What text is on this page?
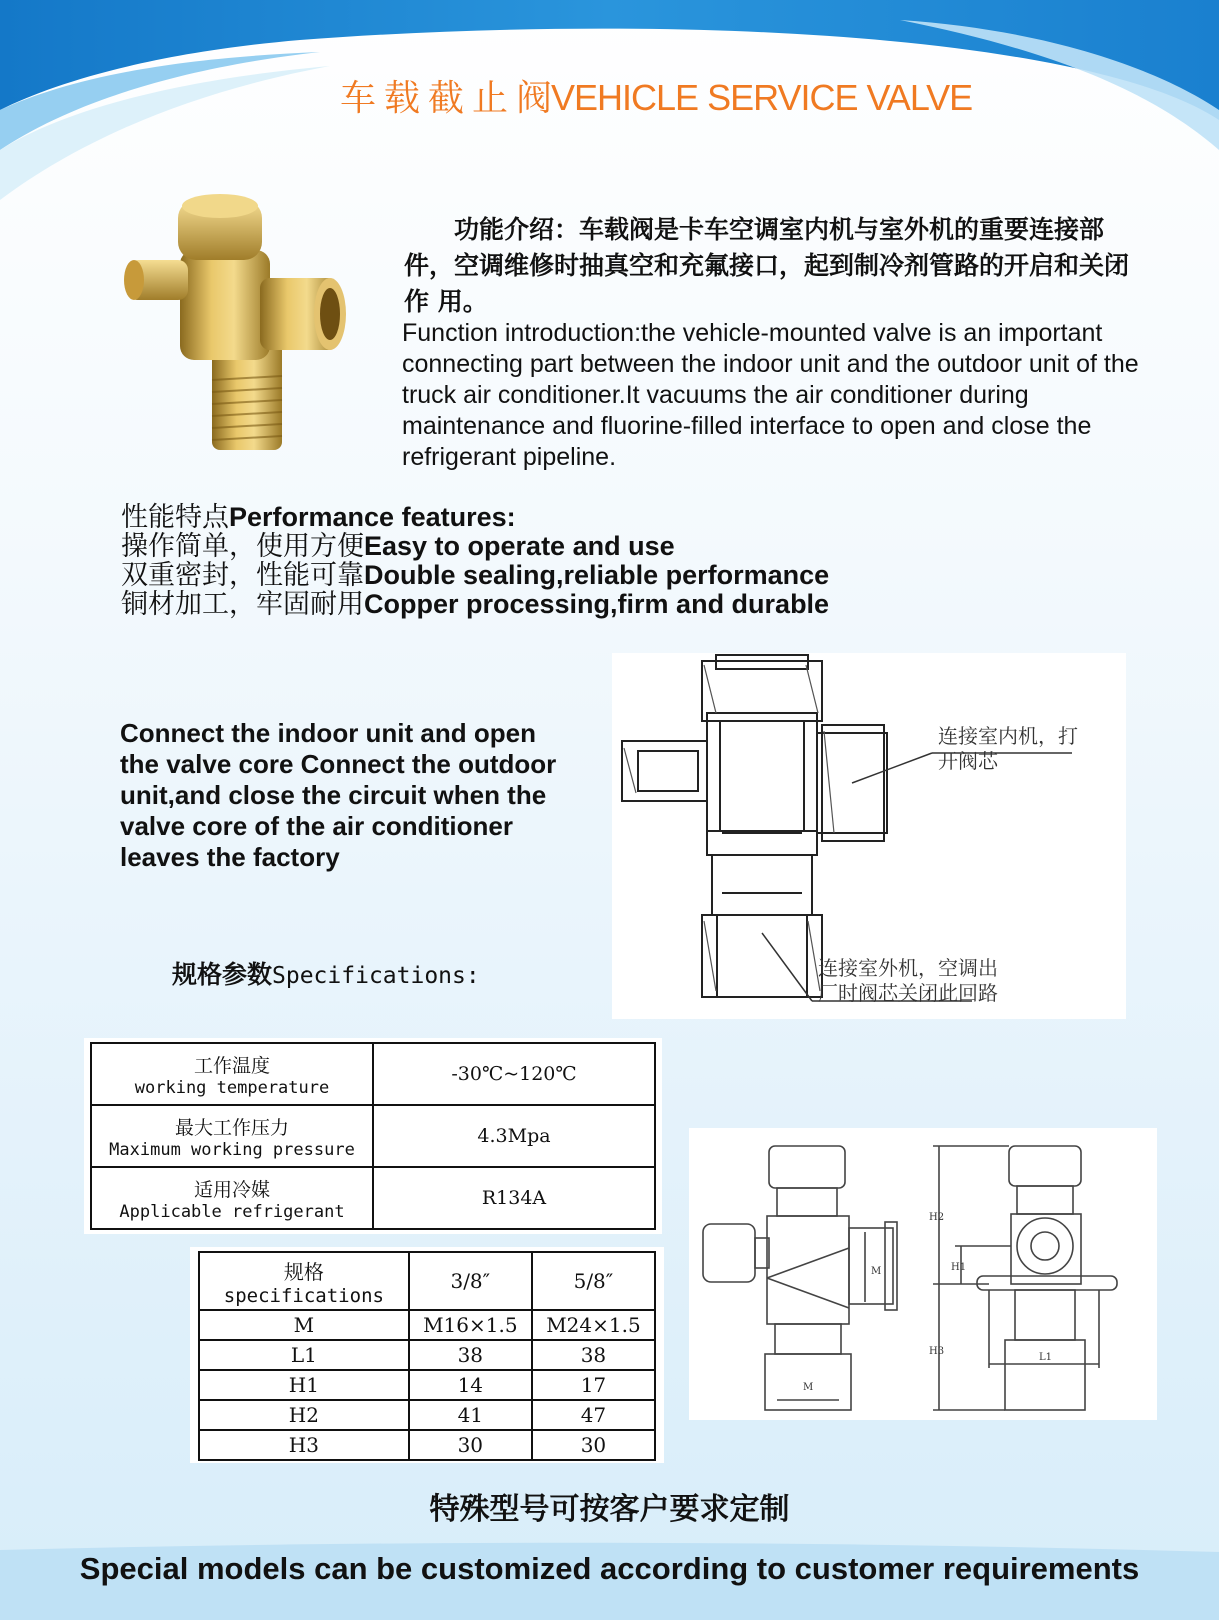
车 载 截 止 阀VEHICLE SERVICE VALVE
功能介绍：车载阀是卡车空调室内机与室外机的重要连接部 件，空调维修时抽真空和充氟接口，起到制冷剂管路的开启和关闭 作 用。
Function introduction:the vehicle-mounted valve is an important connecting part between the indoor unit and the outdoor unit of the truck air conditioner.It vacuums the air conditioner during maintenance and fluorine-filled interface to open and close the refrigerant pipeline.
性能特点Performance features:
操作简单，使用方便Easy to operate and use
双重密封，性能可靠Double sealing,reliable performance
铜材加工，牢固耐用Copper processing,firm and durable
Connect the indoor unit and open the valve core Connect the outdoor unit,and close the circuit when the valve core of the air conditioner leaves the factory
连接室内机，打
开阀芯
连接室外机，空调出
厂时阀芯关闭此回路
规格参数Specifications:
工作温度
working temperature	-30℃~120℃

最大工作压力
Maximum working pressure	4.3Mpa

适用冷媒
Applicable refrigerant	R134A
规格
specifications	3/8″	5/8″
M	M16×1.5	M24×1.5
L1	38	38
H1	14	17
H2	41	47
H3	30	30
M
M
H2
H1
H3
L1
特殊型号可按客户要求定制
Special models can be customized according to customer requirements
